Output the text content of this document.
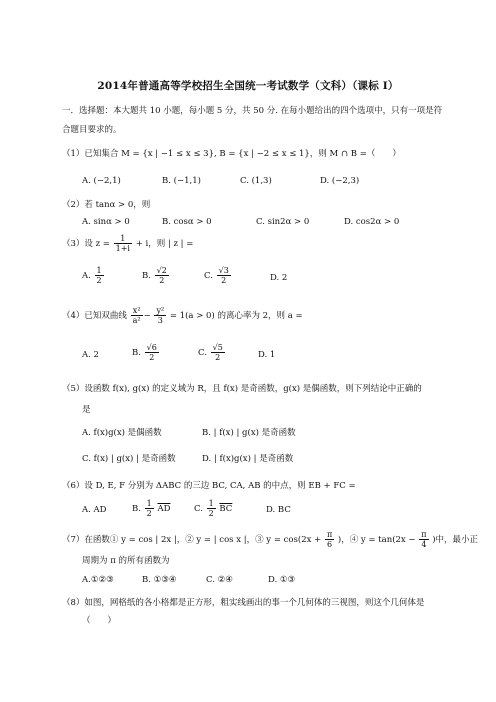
2014年普通高等学校招生全国统一考试数学（文科）（课标 I）
一．选择题：本大题共 10 小题，每小题 5 分，共 50 分. 在每小题给出的四个选项中，只有一项是符合题目要求的。
（1）已知集合 M = {x | −1 ≤ x ≤ 3}, B = {x | −2 ≤ x ≤ 1}，则 M ∩ B =（　　）
A. (−2,1)	B. (−1,1)	C. (1,3)	D. (−2,3)
（2）若 tanα > 0，则
A. sinα > 0	B. cosα > 0	C. sin2α > 0	D. cos2α > 0
（3）设 $z = \frac{1}{1+i} + i$，则 | z | =
A. $\frac{1}{2}$	B. $\frac{√2}{2}$	C. $\frac{√3}{2}$	D. 2
（4）已知双曲线 $\frac{\text{x²}}{\text{a²}} - \frac{\text{y²}}{3} = 1(a > 0)$ 的离心率为 2，则 a =
A. 2	B. $\frac{√6}{2}$	C. $\frac{√5}{2}$	D. 1
（5）设函数 f(x), g(x) 的定义域为 R，且 f(x) 是奇函数，g(x) 是偶函数，则下列结论中正确的
是
A. f(x)g(x) 是偶函数	B. | f(x) | g(x) 是奇函数
C. f(x) | g(x) | 是奇函数	D. | f(x)g(x) | 是奇函数
（6）设 D, E, F 分别为 ΔABC 的三边 BC, CA, AB 的中点，则 EB + FC =
A. AD	B. $\frac{1}{2} \overline{AD}$	C. $\frac{1}{2} \overline{BC}$	D. BC
（7）在函数① y = cos | 2x |，② y = | cos x |，③ $y = \cos(2x + \frac{\pi}{6}$ )，④ $y = \tan(2x - \frac{\pi}{4}$ )中，最小正
周期为 π 的所有函数为
A.①②③	B. ①③④	C. ②④	D. ①③
（8）如图，网格纸的各小格都是正方形，粗实线画出的事一个几何体的三视图，则这个几何体是
（　　）
